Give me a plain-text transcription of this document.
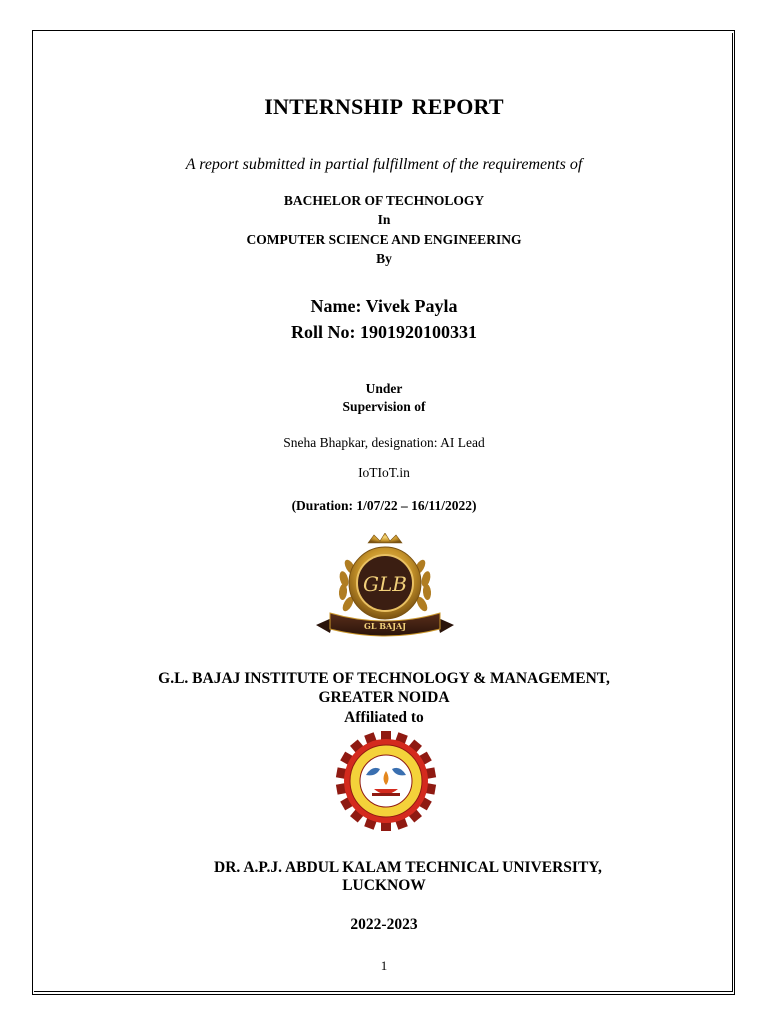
INTERNSHIP REPORT
A report submitted in partial fulfillment of the requirements of
BACHELOR OF TECHNOLOGY
In
COMPUTER SCIENCE AND ENGINEERING
By
Name: Vivek Payla
Roll No: 1901920100331
Under
Supervision of
Sneha Bhapkar, designation: AI Lead
IoTIoT.in
(Duration: 1/07/22 – 16/11/2022)
GLB
GL BAJAJ
G.L. BAJAJ INSTITUTE OF TECHNOLOGY & MANAGEMENT,
GREATER NOIDA
Affiliated to
DR. A.P.J. ABDUL KALAM TECHNICAL UNIVERSITY,
LUCKNOW
2022-2023
1
